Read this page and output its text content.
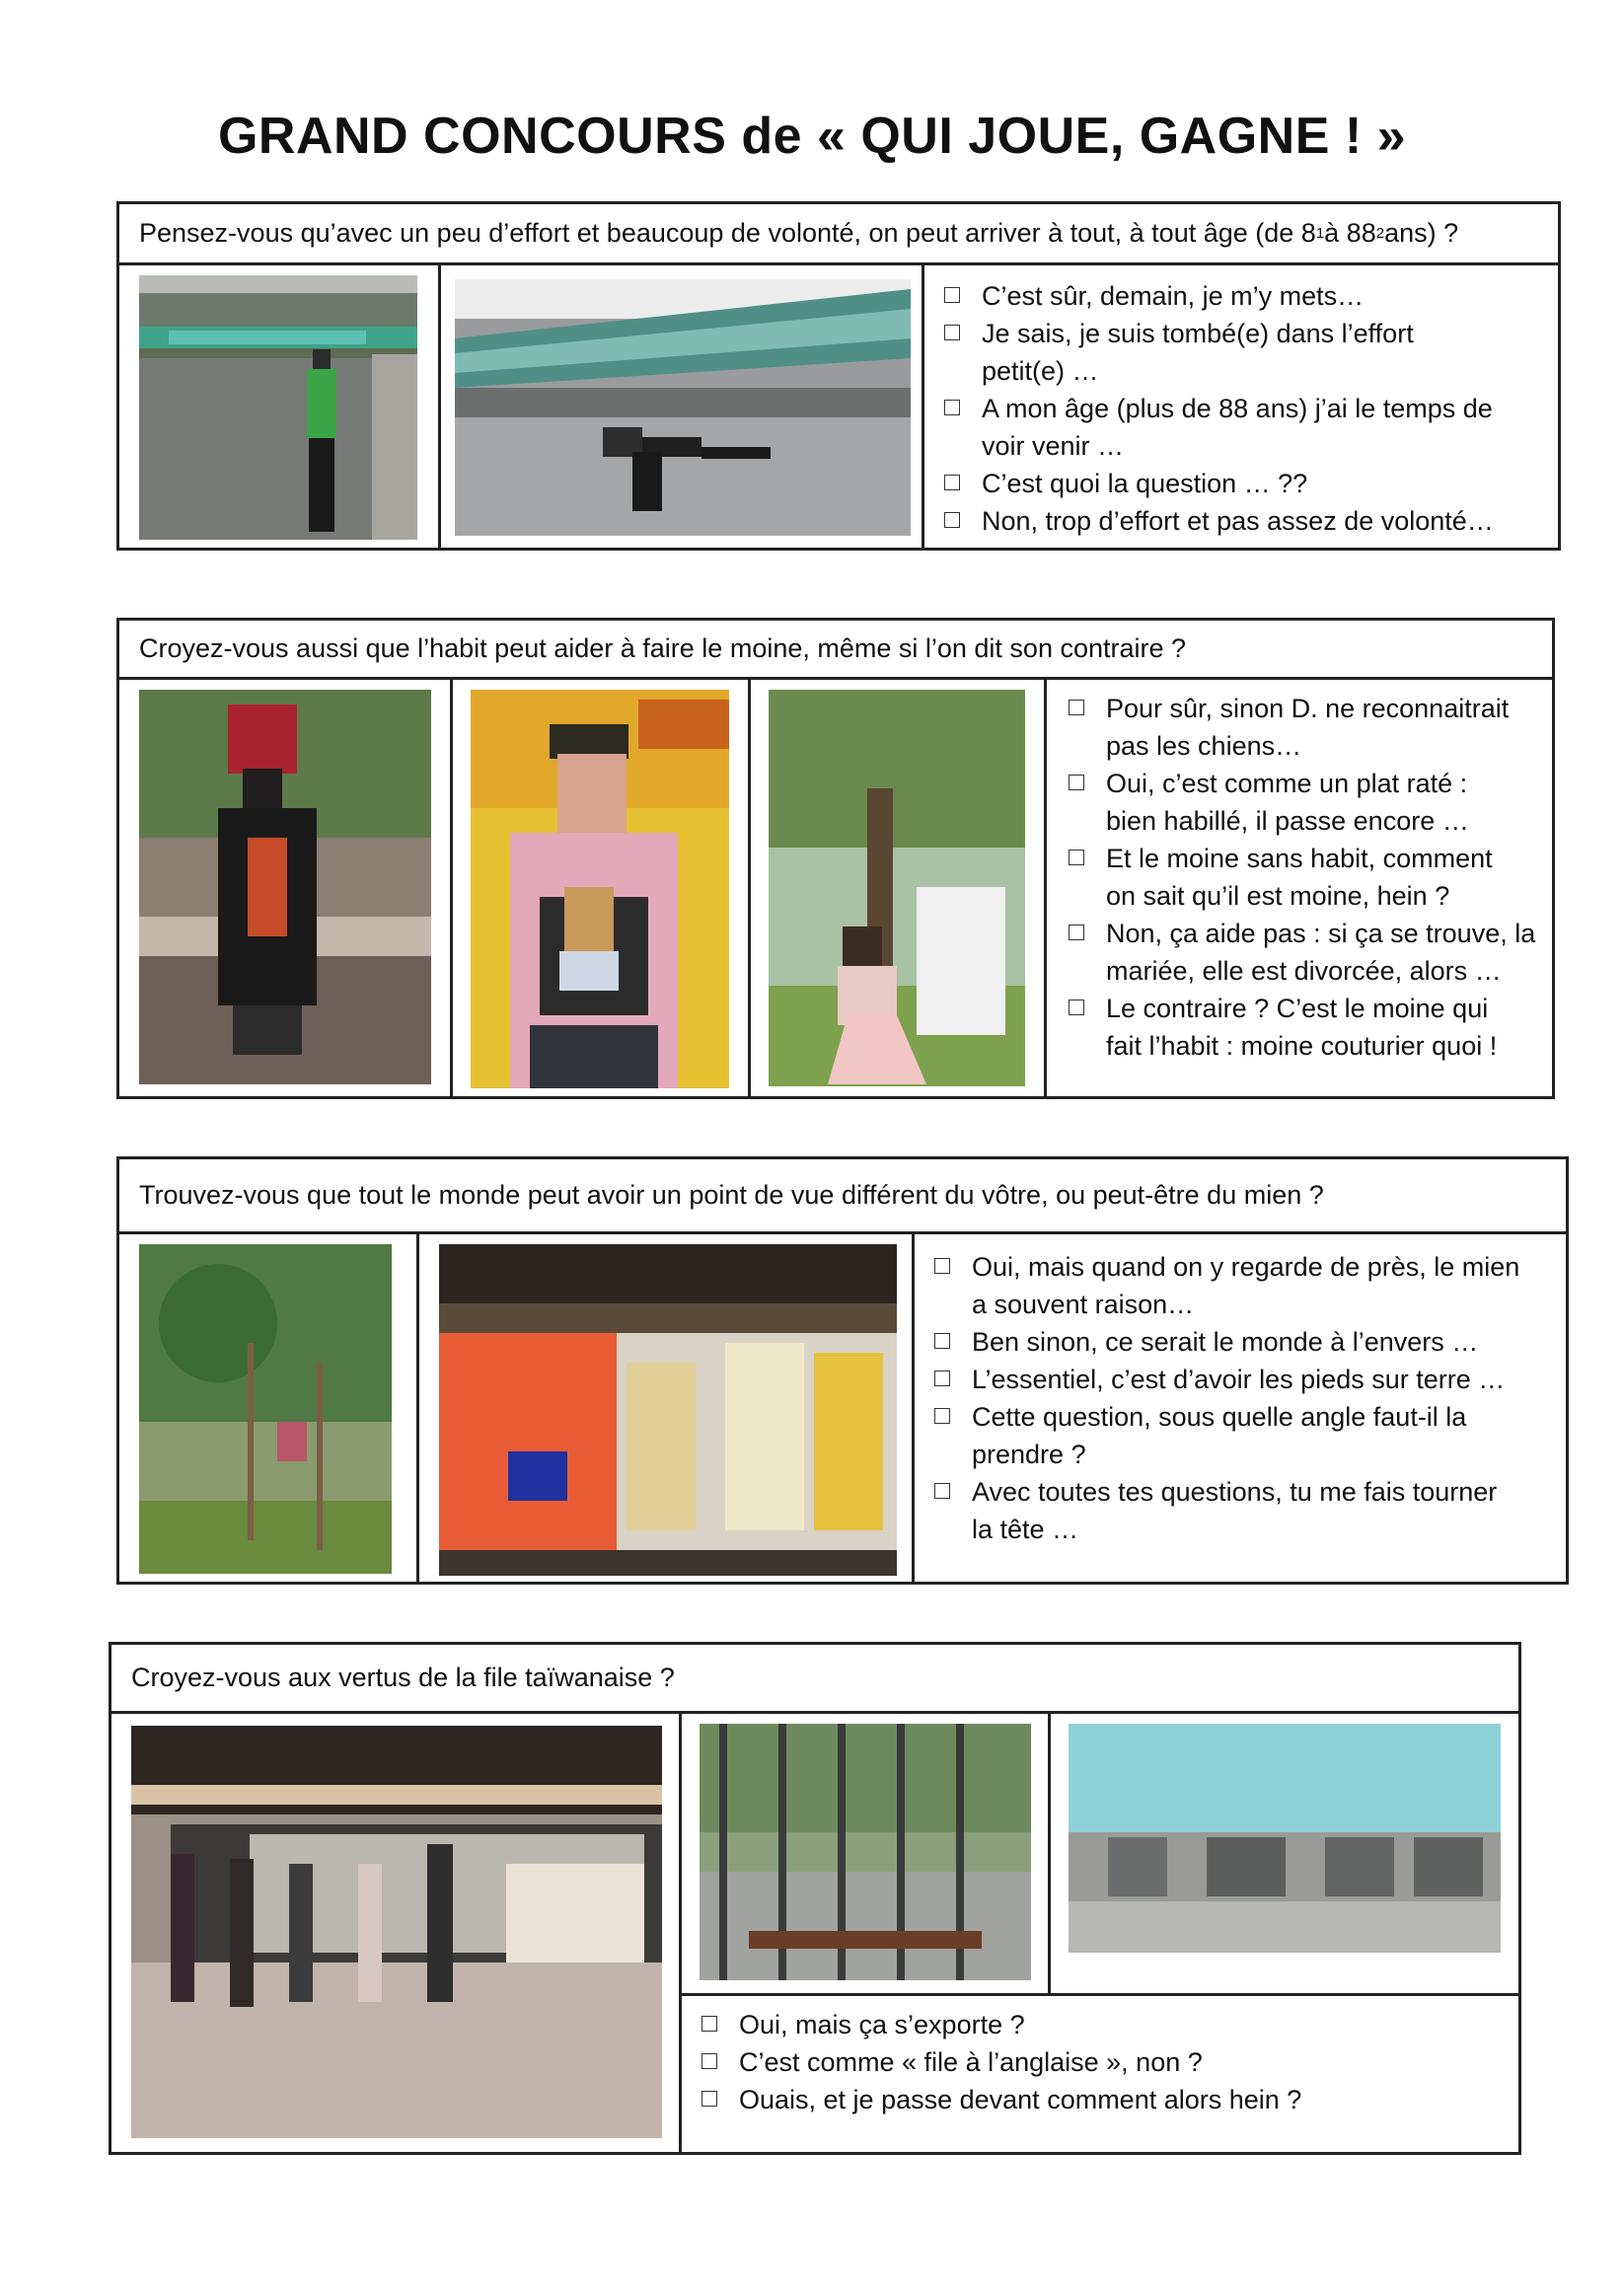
GRAND CONCOURS de « QUI JOUE, GAGNE ! »
Pensez-vous qu’avec un peu d’effort et beaucoup de volonté, on peut arriver à tout, à tout âge (de 8 1 à 88 2 ans) ?
C’est sûr, demain, je m’y mets…
Je sais, je suis tombé(e) dans l’effort
petit(e) …
A mon âge (plus de 88 ans) j’ai le temps de
voir venir …
C’est quoi la question … ??
Non, trop d’effort et pas assez de volonté…
Croyez-vous aussi que l’habit peut aider à faire le moine, même si l’on dit son contraire ?
Pour sûr, sinon D. ne reconnaitrait
pas les chiens…
Oui, c’est comme un plat raté :
bien habillé, il passe encore …
Et le moine sans habit, comment
on sait qu’il est moine, hein ?
Non, ça aide pas : si ça se trouve, la
mariée, elle est divorcée, alors …
Le contraire ? C’est le moine qui
fait l’habit : moine couturier quoi !
Trouvez-vous que tout le monde peut avoir un point de vue différent du vôtre, ou peut-être du mien ?
Oui, mais quand on y regarde de près, le mien
a souvent raison…
Ben sinon, ce serait le monde à l’envers …
L’essentiel, c’est d’avoir les pieds sur terre …
Cette question, sous quelle angle faut-il la
prendre ?
Avec toutes tes questions, tu me fais tourner
la tête …
Croyez-vous aux vertus de la file taïwanaise ?
Oui, mais ça s’exporte ?
C’est comme « file à l’anglaise », non ?
Ouais, et je passe devant comment alors hein ?
